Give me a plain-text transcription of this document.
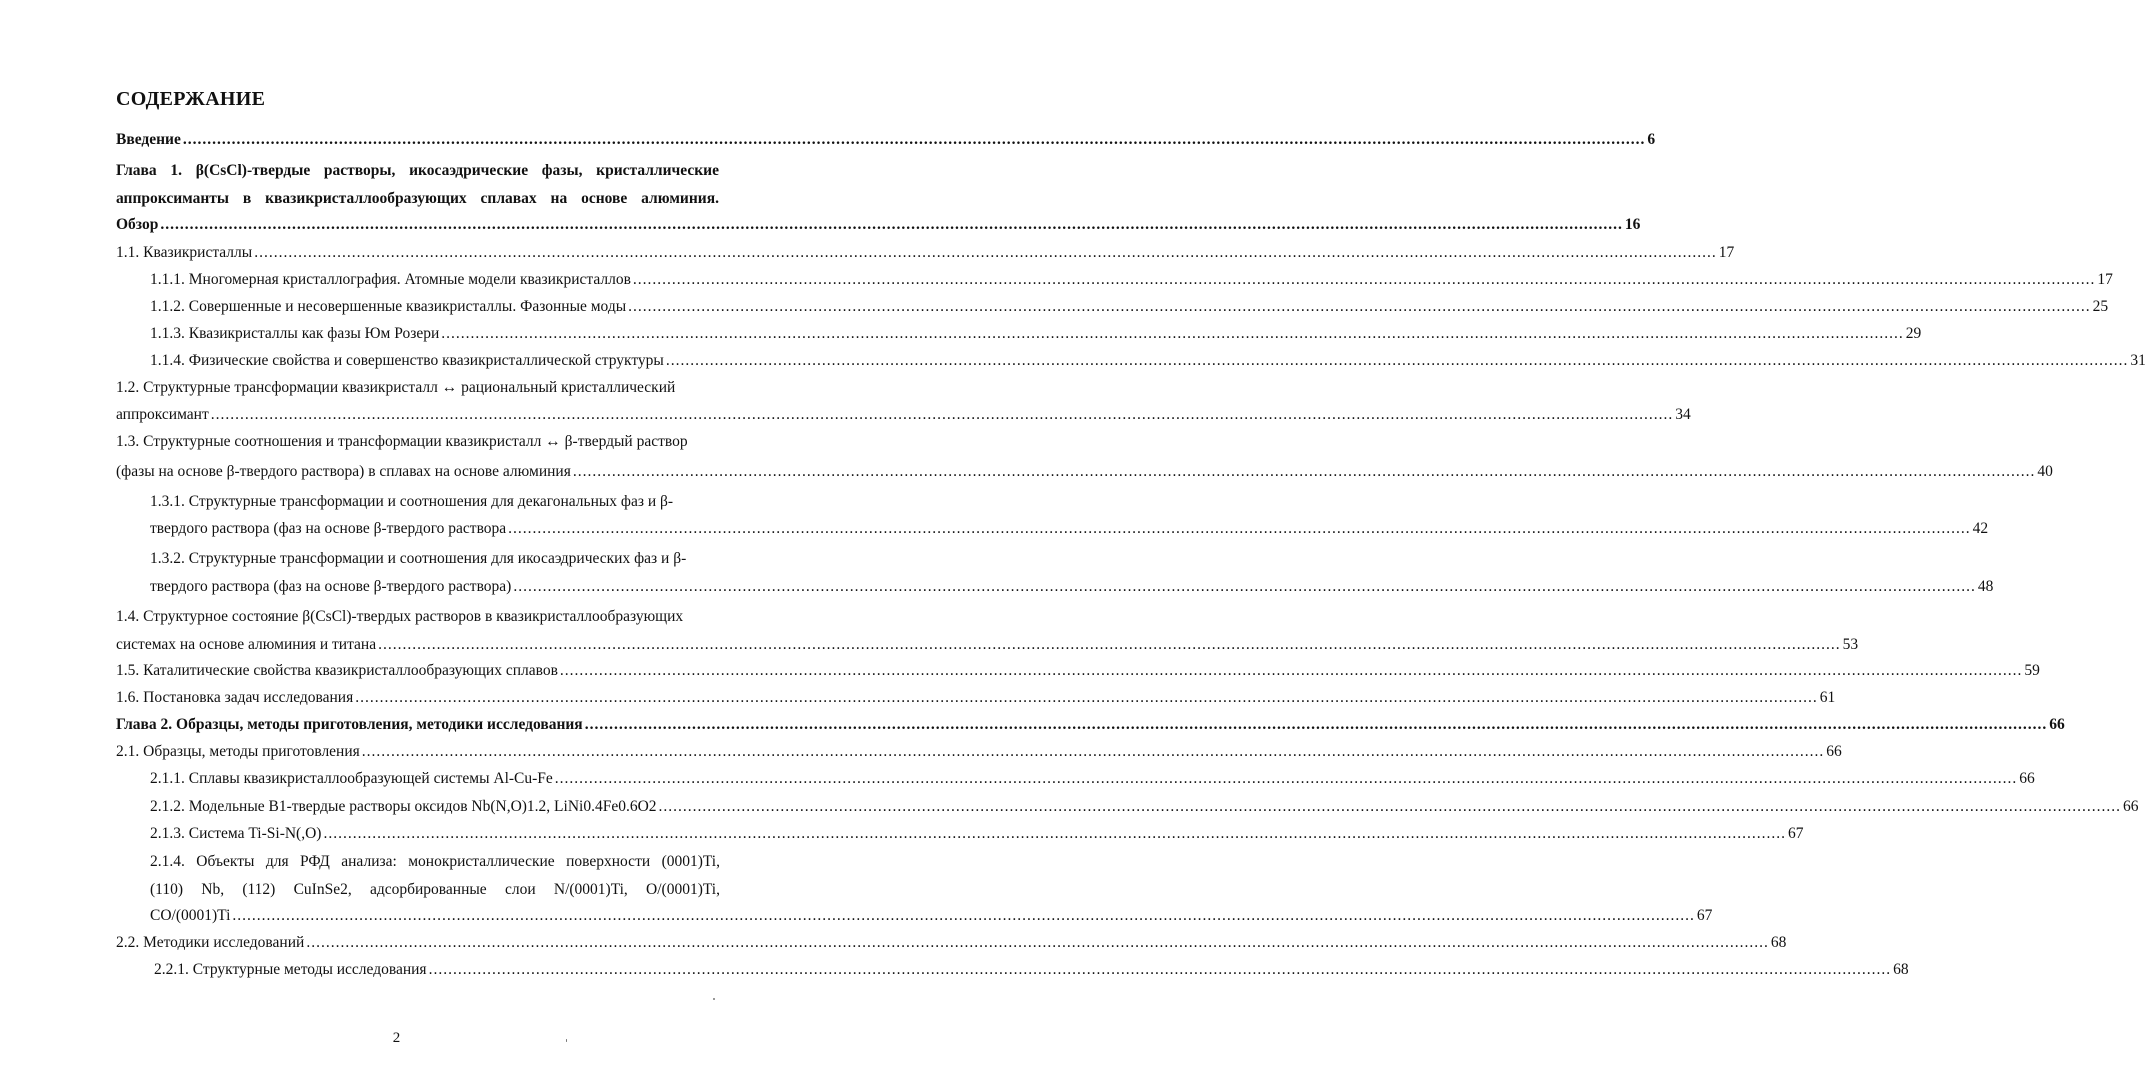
СОДЕРЖАНИЕ
Введение ............................................................................................................................................................................................................................................................................................................ 6
Глава 1. β(CsCl)-твердые растворы, икосаэдрические фазы, кристаллические
аппроксиманты в квазикристаллообразующих сплавах на основе алюминия.
Обзор ............................................................................................................................................................................................................................................................................................................ 16
1.1. Квазикристаллы ............................................................................................................................................................................................................................................................................................................ 17
1.1.1. Многомерная кристаллография. Атомные модели квазикристаллов ............................................................................................................................................................................................................................................................................................................ 17
1.1.2. Совершенные и несовершенные квазикристаллы. Фазонные моды ............................................................................................................................................................................................................................................................................................................ 25
1.1.3. Квазикристаллы как фазы Юм Розери ............................................................................................................................................................................................................................................................................................................ 29
1.1.4. Физические свойства и совершенство квазикристаллической структуры ............................................................................................................................................................................................................................................................................................................ 31
1.2. Структурные трансформации квазикристалл ↔ рациональный кристаллический
аппроксимант ............................................................................................................................................................................................................................................................................................................ 34
1.3. Структурные соотношения и трансформации квазикристалл ↔ β-твердый раствор
(фазы на основе β-твердого раствора) в сплавах на основе алюминия ............................................................................................................................................................................................................................................................................................................ 40
1.3.1. Структурные трансформации и соотношения для декагональных фаз и β-
твердого раствора (фаз на основе β-твердого раствора ............................................................................................................................................................................................................................................................................................................ 42
1.3.2. Структурные трансформации и соотношения для икосаэдрических фаз и β-
твердого раствора (фаз на основе β-твердого раствора) ............................................................................................................................................................................................................................................................................................................ 48
1.4. Структурное состояние β(CsCl)-твердых растворов в квазикристаллообразующих
системах на основе алюминия и титана ............................................................................................................................................................................................................................................................................................................ 53
1.5. Каталитические свойства квазикристаллообразующих сплавов ............................................................................................................................................................................................................................................................................................................ 59
1.6. Постановка задач исследования ............................................................................................................................................................................................................................................................................................................ 61
Глава 2. Образцы, методы приготовления, методики исследования ............................................................................................................................................................................................................................................................................................................ 66
2.1. Образцы, методы приготовления ............................................................................................................................................................................................................................................................................................................ 66
2.1.1. Сплавы квазикристаллообразующей системы Al-Cu-Fe ............................................................................................................................................................................................................................................................................................................ 66
2.1.2. Модельные B1-твердые растворы оксидов Nb(N,O)1.2, LiNi0.4Fe0.6O2 ............................................................................................................................................................................................................................................................................................................ 66
2.1.3. Система Ti-Si-N(,O) ............................................................................................................................................................................................................................................................................................................ 67
2.1.4. Объекты для РФД анализа: монокристаллические поверхности (0001)Ti,
(110) Nb, (112) CuInSe2, адсорбированные слои N/(0001)Ti, O/(0001)Ti,
CO/(0001)Ti ............................................................................................................................................................................................................................................................................................................ 67
2.2. Методики исследований ............................................................................................................................................................................................................................................................................................................ 68
2.2.1. Структурные методы исследования ............................................................................................................................................................................................................................................................................................................ 68
2
